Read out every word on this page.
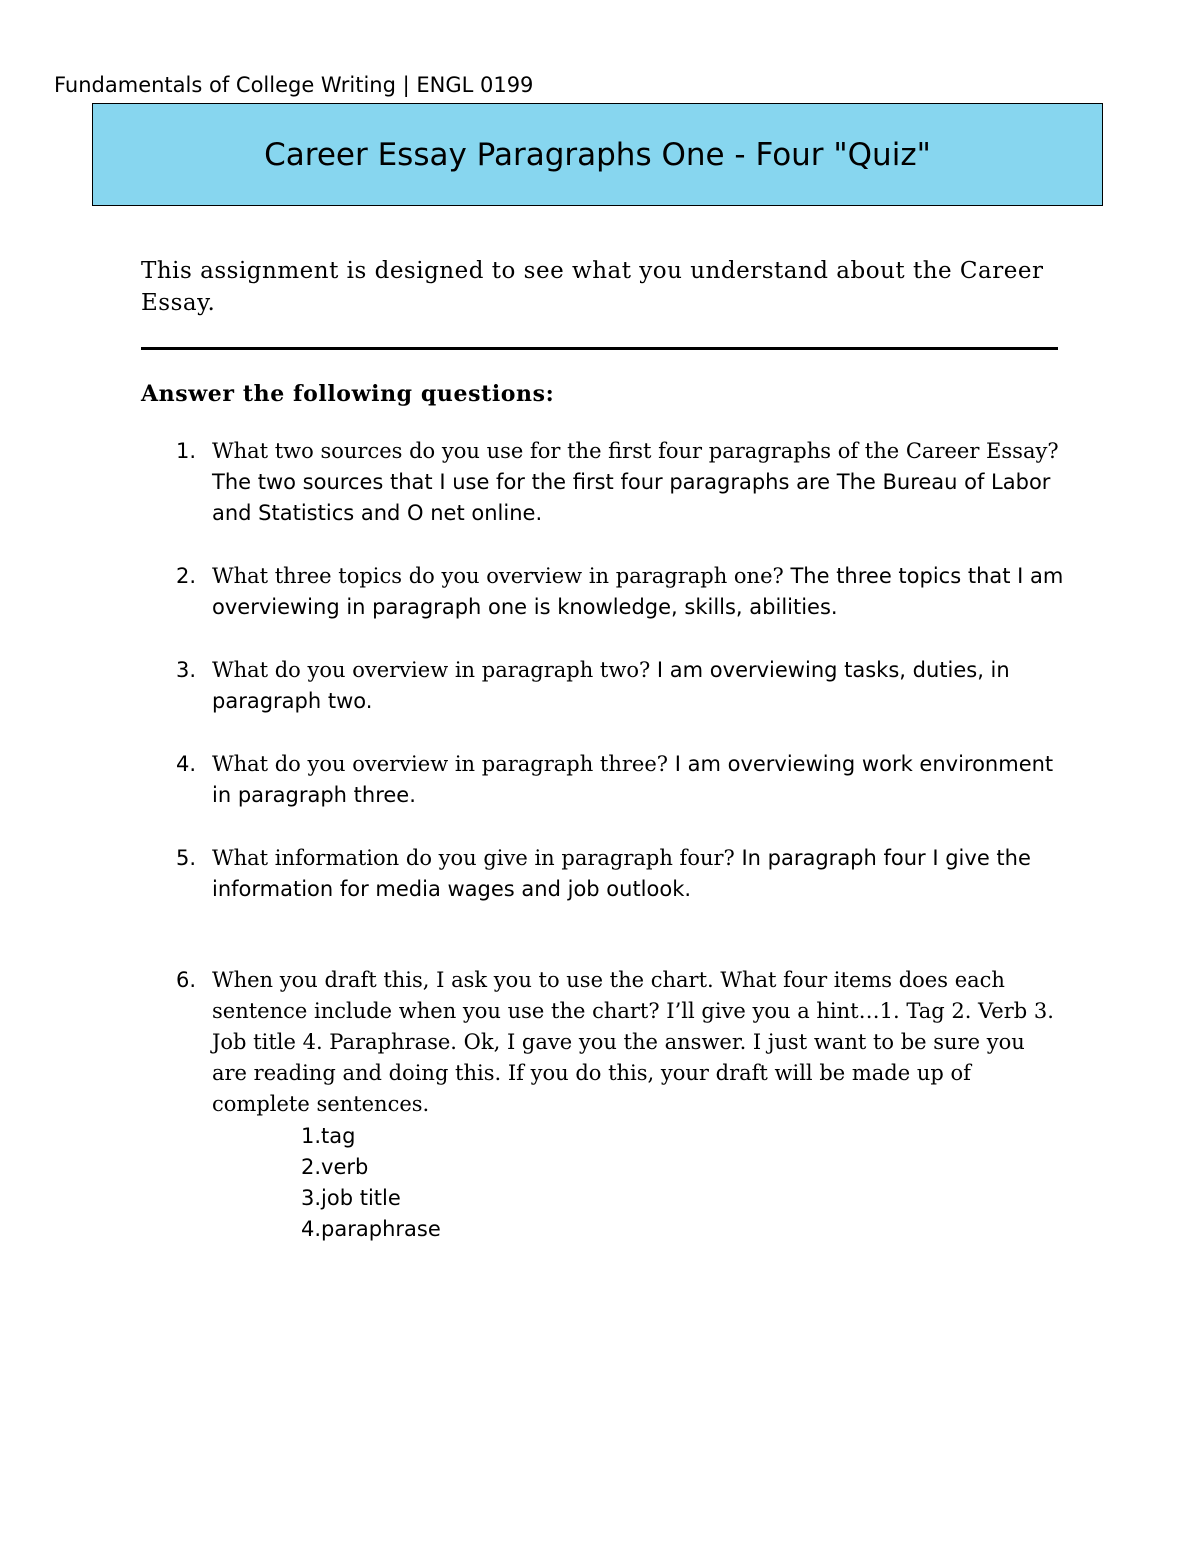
Fundamentals of College Writing | ENGL 0199
Career Essay Paragraphs One - Four "Quiz"
This assignment is designed to see what you understand about the Career Essay.
Answer the following questions:
1. What two sources do you use for the first four paragraphs of the Career Essay? The two sources that I use for the first four paragraphs are The Bureau of Labor and Statistics and O net online.
2. What three topics do you overview in paragraph one? The three topics that I am overviewing in paragraph one is knowledge, skills, abilities.
3. What do you overview in paragraph two? I am overviewing tasks, duties, in paragraph two.
4. What do you overview in paragraph three? I am overviewing work environment in paragraph three.
5. What information do you give in paragraph four? In paragraph four I give the information for media wages and job outlook.
6. When you draft this, I ask you to use the chart. What four items does each sentence include when you use the chart? I’ll give you a hint…1. Tag 2. Verb 3. Job title 4. Paraphrase. Ok, I gave you the answer. I just want to be sure you are reading and doing this. If you do this, your draft will be made up of complete sentences.
1.tag
2.verb
3.job title
4.paraphrase
